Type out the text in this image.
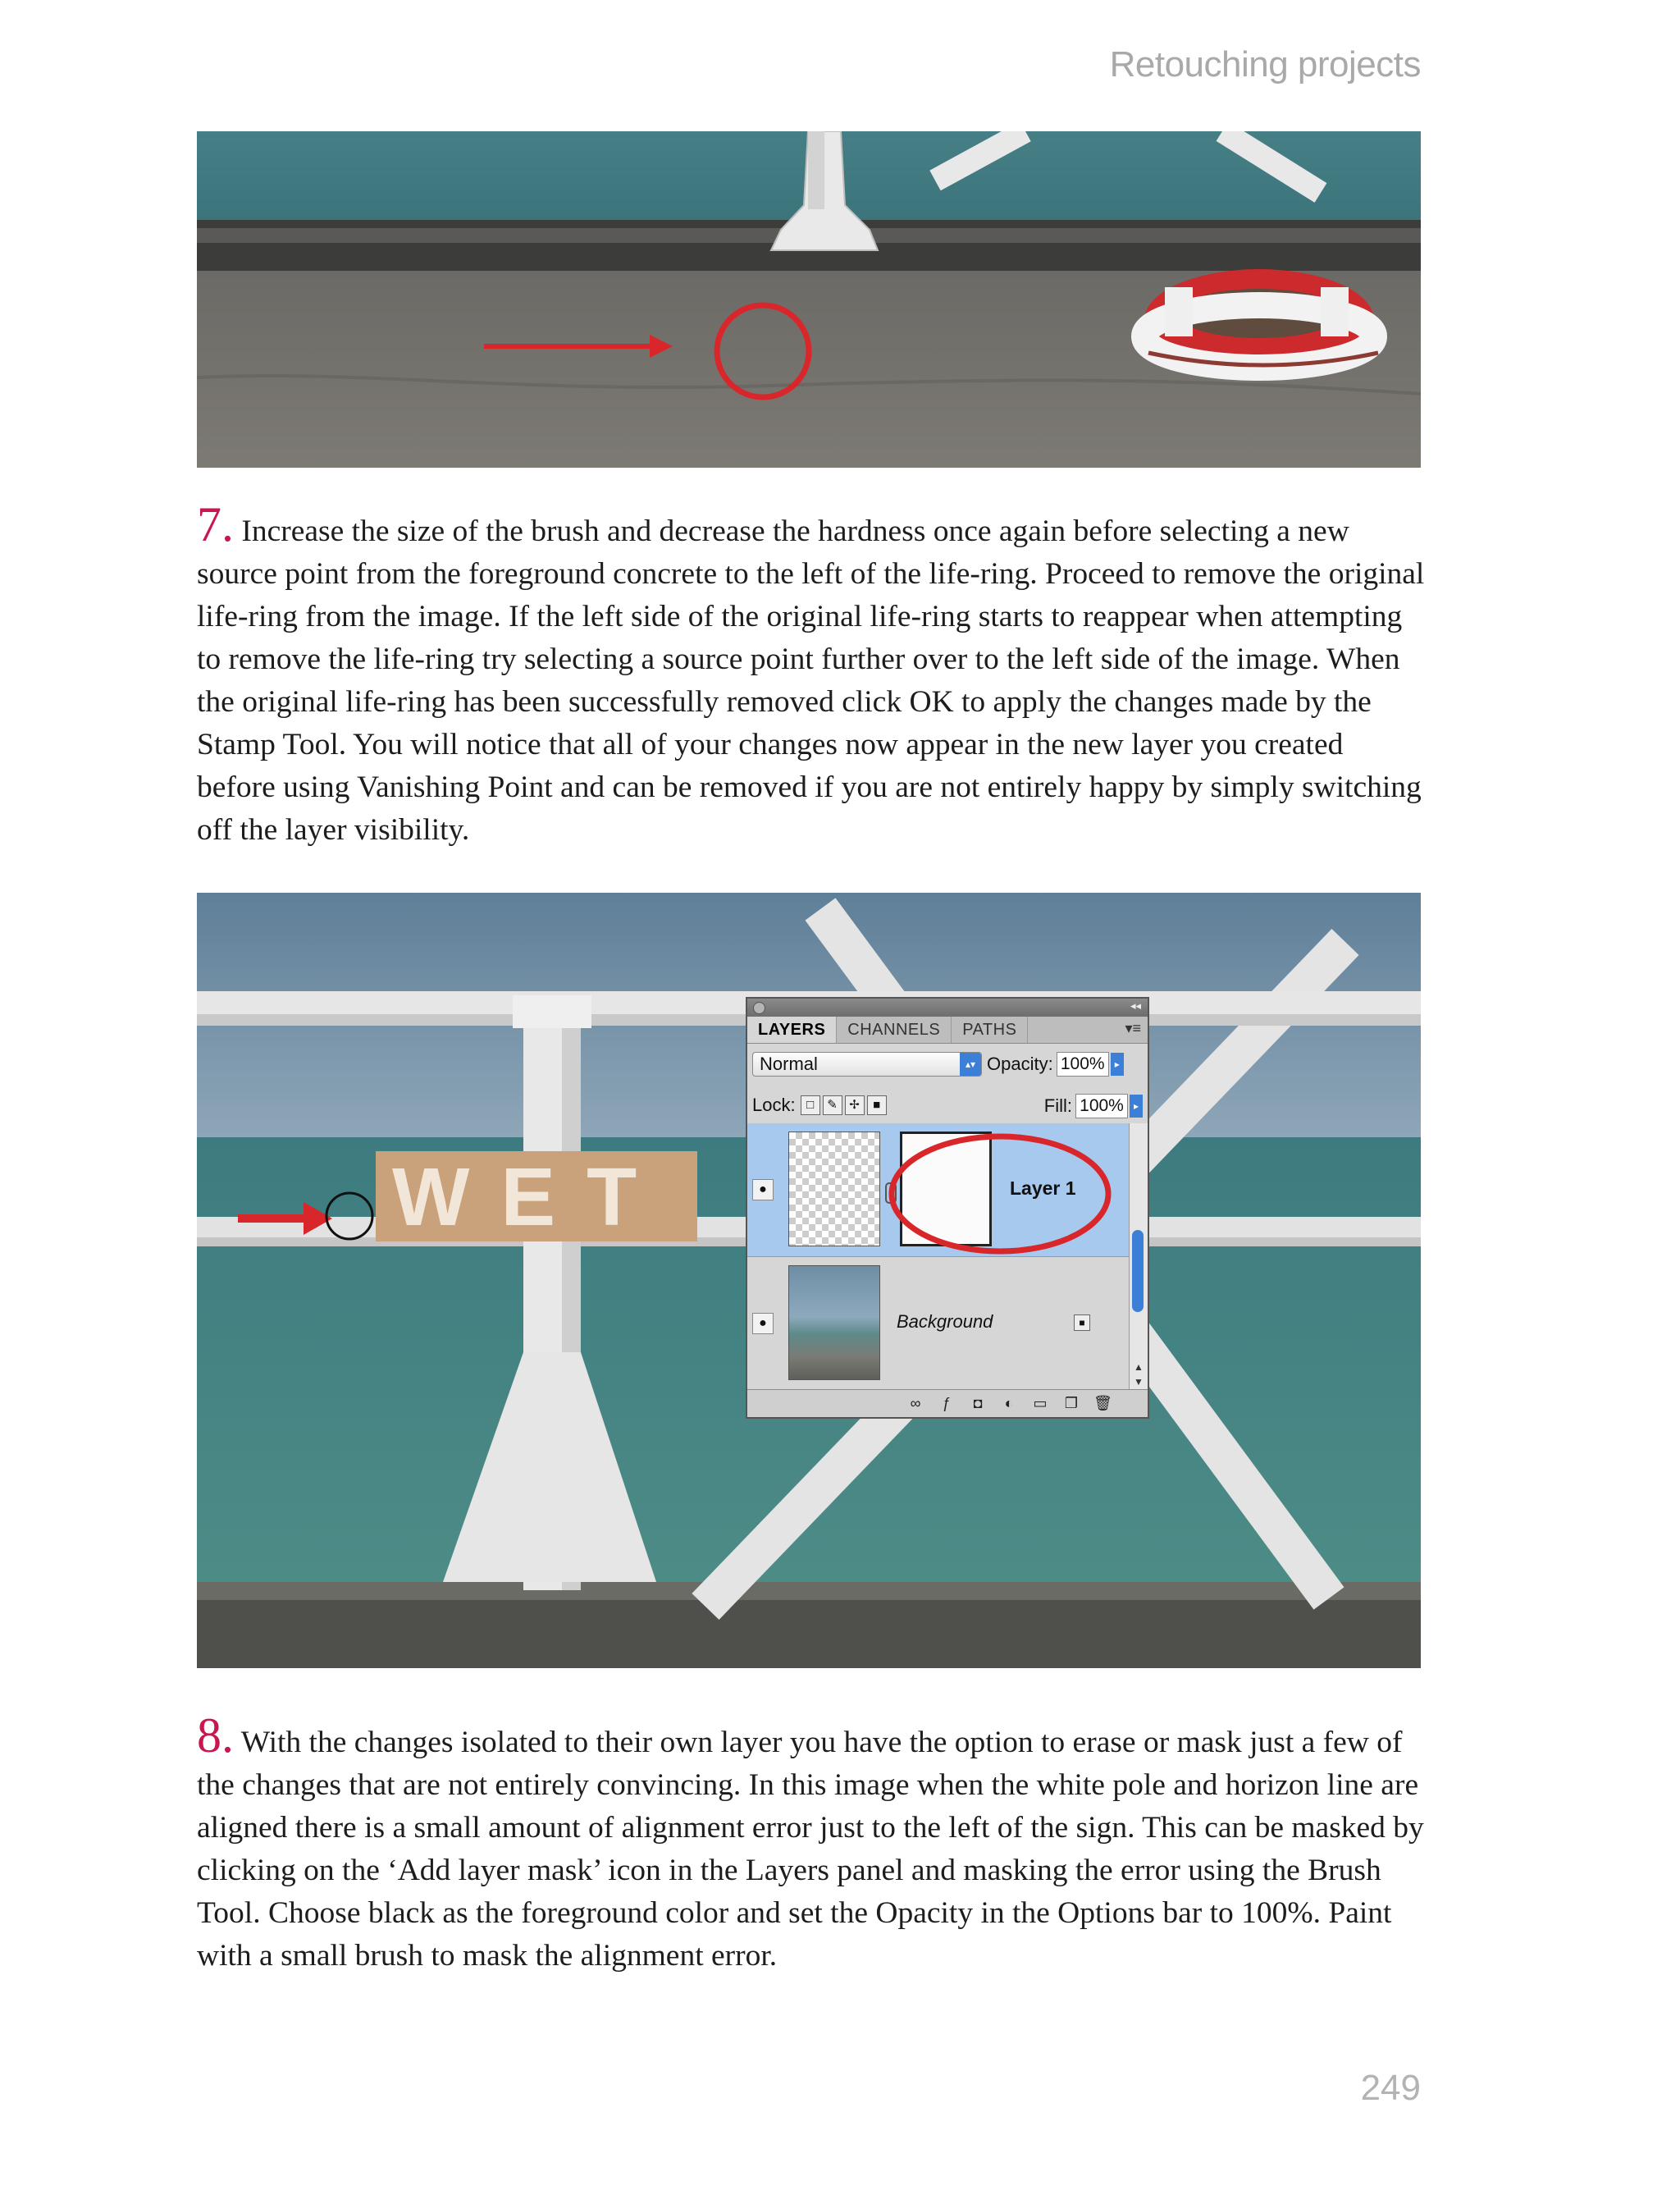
Retouching projects

7. Increase the size of the brush and decrease the hardness once again before selecting a new source point from the foreground concrete to the left of the life-ring. Proceed to remove the original life-ring from the image. If the left side of the original life-ring starts to reappear when attempting to remove the life-ring try selecting a source point further over to the left side of the image. When the original life-ring has been successfully removed click OK to apply the changes made by the Stamp Tool. You will notice that all of your changes now appear in the new layer you created before using Vanishing Point and can be removed if you are not entirely happy by simply switching off the layer visibility.

WET
◂◂
LAYERS	CHANNELS	PATHS	▾≡
Normal	▴▾ Opacity: 100%	▸
Lock: □	✎ ✢	■	Fill: 100%	▸
●	Layer 1
●	Background	■
▲
▼
∞	ƒ	◘	◐	▭ ❐ 🗑

8. With the changes isolated to their own layer you have the option to erase or mask just a few of the changes that are not entirely convincing. In this image when the white pole and horizon line are aligned there is a small amount of alignment error just to the left of the sign. This can be masked by clicking on the ‘Add layer mask’ icon in the Layers panel and masking the error using the Brush Tool. Choose black as the foreground color and set the Opacity in the Options bar to 100%. Paint with a small brush to mask the alignment error.

249
